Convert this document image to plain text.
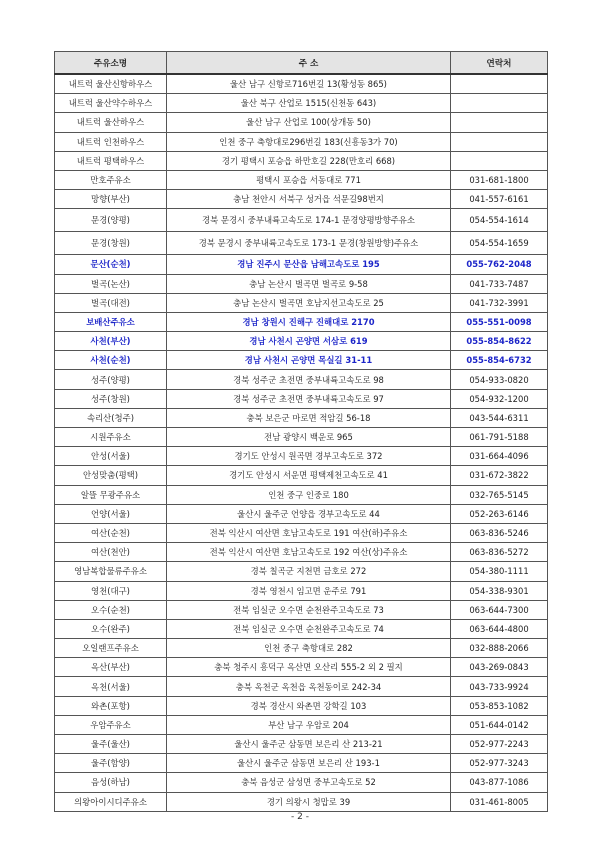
주유소명	주 소	연락처
내트럭 울산신항하우스	울산 남구 신항로716번길 13(황성동 865)	
내트럭 울산약수하우스	울산 북구 산업로 1515(신천동 643)	
내트럭 울산하우스	울산 남구 산업로 100(상개동 50)	
내트럭 인천하우스	인천 중구 축항대로296번길 183(신흥동3가 70)	
내트럭 평택하우스	경기 평택시 포승읍 하만호길 228(만호리 668)	
만호주유소	평택시 포승읍 서동대로 771	031-681-1800
망향(부산)	충남 천안시 서북구 성거읍 석문길98번지	041-557-6161
문경(양평)	경북 문경시 중부내륙고속도로 174-1 문경양평방향주유소	054-554-1614
문경(창원)	경북 문경시 중부내륙고속도로 173-1 문경(창원방향)주유소	054-554-1659
문산(순천)	경남 진주시 문산읍 남해고속도로 195	055-762-2048
벌곡(논산)	충남 논산시 벌곡면 벌곡로 9-58	041-733-7487
벌곡(대전)	충남 논산시 벌곡면 호남지선고속도로 25	041-732-3991
보배산주유소	경남 창원시 진해구 진해대로 2170	055-551-0098
사천(부산)	경남 사천시 곤양면 서삼로 619	055-854-8622
사천(순천)	경남 사천시 곤양면 목실길 31-11	055-854-6732
성주(양평)	경북 성주군 초전면 중부내륙고속도로 98	054-933-0820
성주(창원)	경북 성주군 초전면 중부내륙고속도로 97	054-932-1200
속리산(청주)	충북 보은군 마로면 적암길 56-18	043-544-6311
시원주유소	전남 광양시 백운로 965	061-791-5188
안성(서울)	경기도 안성시 원곡면 경부고속도로 372	031-664-4096
안성맞춤(평택)	경기도 안성시 서운면 평택제천고속도로 41	031-672-3822
알뜰 무광주유소	인천 중구 인중로 180	032-765-5145
언양(서울)	울산시 울주군 언양읍 경부고속도로 44	052-263-6146
여산(순천)	전북 익산시 여산면 호남고속도로 191 여산(하)주유소	063-836-5246
여산(천안)	전북 익산시 여산면 호남고속도로 192 여산(상)주유소	063-836-5272
영남복합물류주유소	경북 칠곡군 지천면 금호로 272	054-380-1111
영천(대구)	경북 영천시 임고면 운주로 791	054-338-9301
오수(순천)	전북 임실군 오수면 순천완주고속도로 73	063-644-7300
오수(완주)	전북 임실군 오수면 순천완주고속도로 74	063-644-4800
오일랜프주유소	인천 중구 축항대로 282	032-888-2066
옥산(부산)	충북 청주시 흥덕구 옥산면 오산리 555-2 외 2 필지	043-269-0843
옥천(서울)	충북 옥천군 옥천읍 옥천동이로 242-34	043-733-9924
와촌(포항)	경북 경산시 와촌면 강학길 103	053-853-1082
우암주유소	부산 남구 우암로 204	051-644-0142
울주(울산)	울산시 울주군 삼동면 보은리 산 213-21	052-977-2243
울주(함양)	울산시 울주군 삼동면 보은리 산 193-1	052-977-3243
음성(하남)	충북 음성군 삼성면 중부고속도로 52	043-877-1086
의왕아이시디주유소	경기 의왕시 청맙로 39	031-461-8005
- 2 -
